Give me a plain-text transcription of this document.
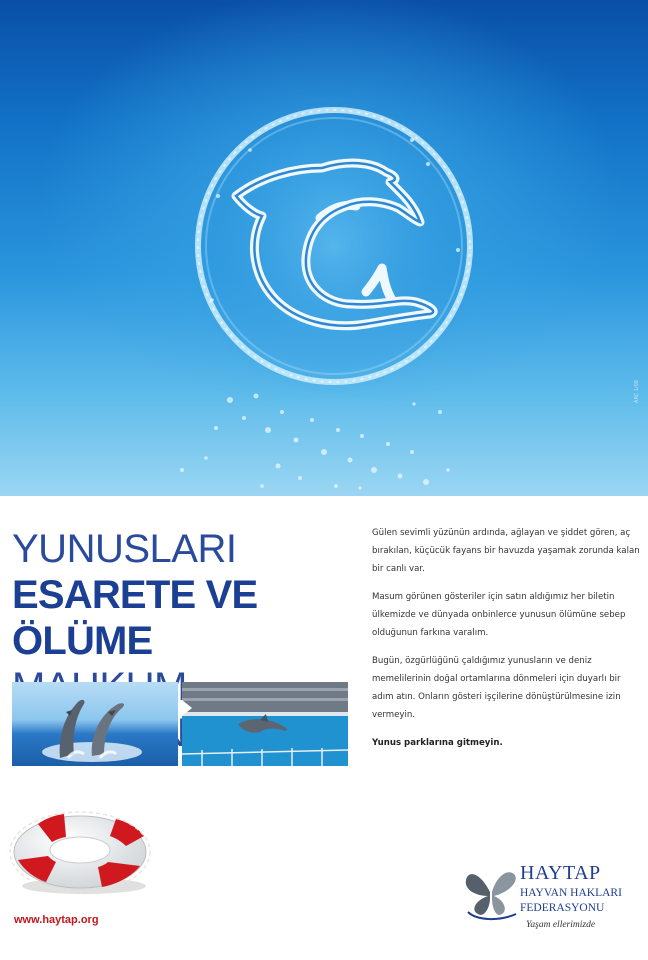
ARC 1/08
YUNUSLARI
ESARETE VE ÖLÜME

Gülen sevimli yüzünün ardında, ağlayan ve şiddet gören, aç bırakılan, küçücük fayans bir havuzda yaşamak zorunda kalan bir canlı var.

Masum görünen gösteriler için satın aldığımız her biletin ülkemizde ve dünyada onbinlerce yunusun ölümüne sebep olduğunun farkına varalım.

Bugün, özgürlüğünü çaldığımız yunusların ve deniz memelilerinin doğal ortamlarına dönmeleri için duyarlı bir adım atın. Onların gösteri işçilerine dönüştürülmesine izin vermeyin.

Yunus parklarına gitmeyin.

www.haytap.org
HAYTAP
HAYVAN HAKLARI
FEDERASYONU
Yaşam ellerimizde
